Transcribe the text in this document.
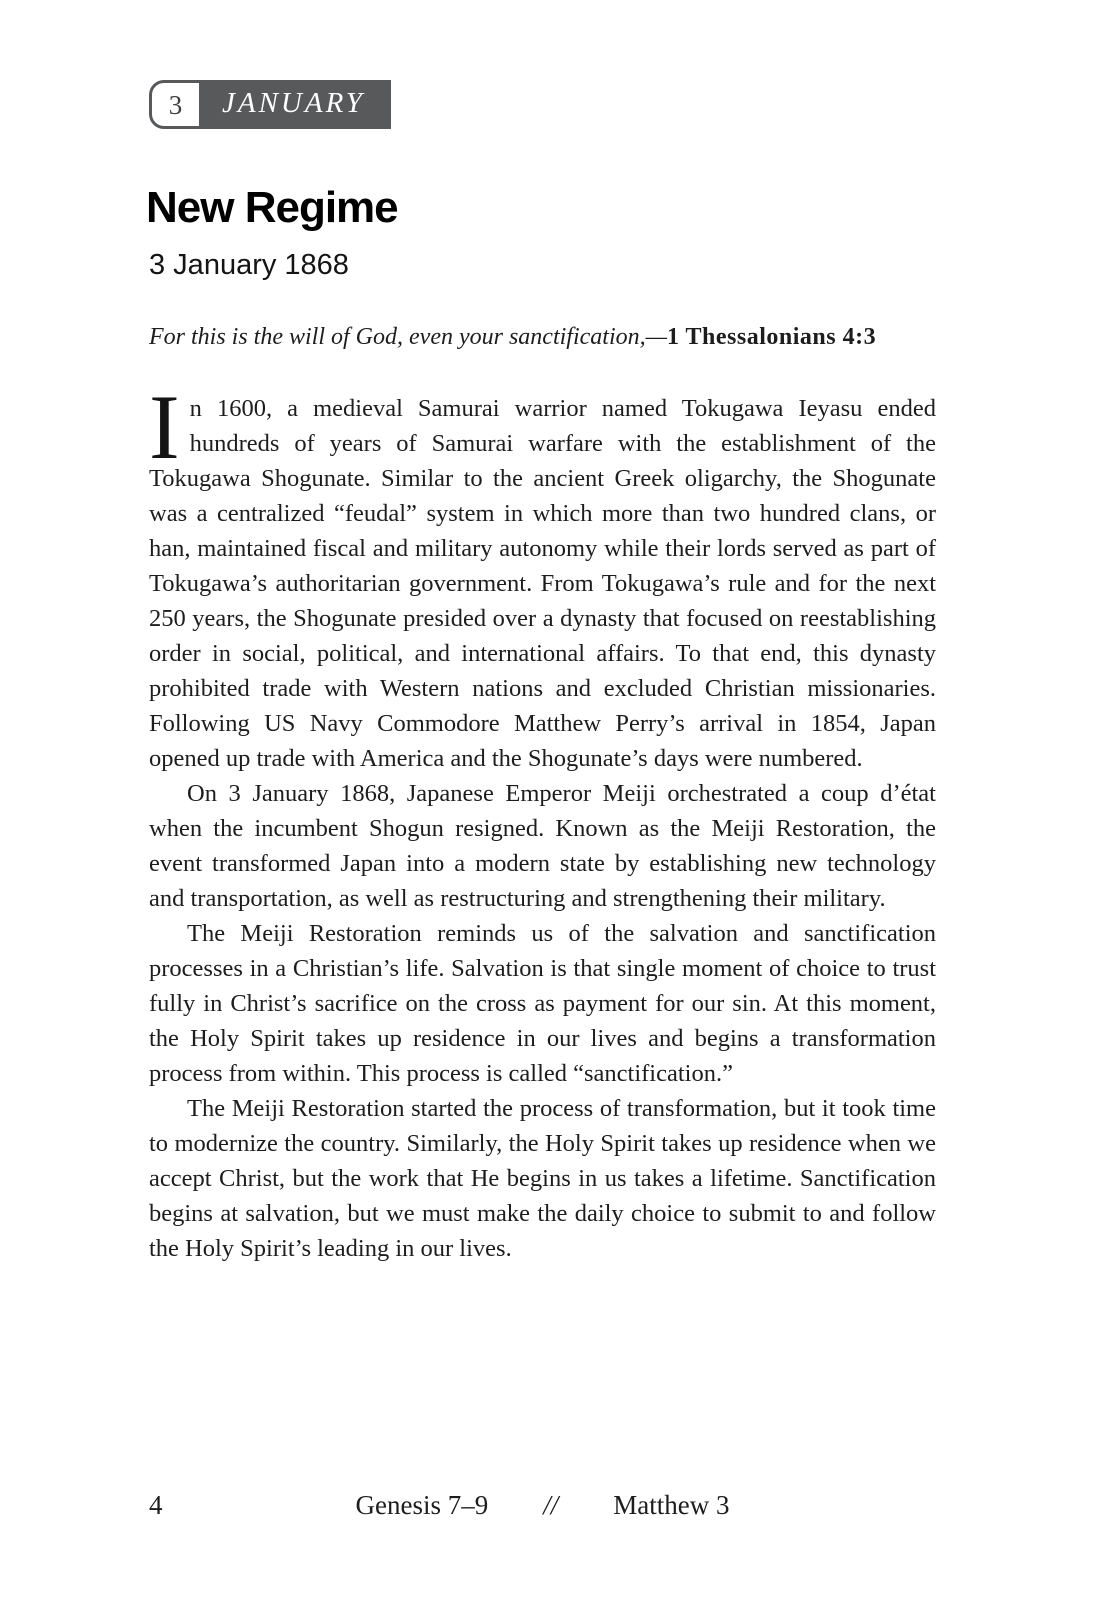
3 JANUARY
New Regime
3 January 1868
For this is the will of God, even your sanctification,—1 Thessalonians 4:3

In 1600, a medieval Samurai warrior named Tokugawa Ieyasu ended hundreds of years of Samurai warfare with the establishment of the Tokugawa Shogunate. Similar to the ancient Greek oligarchy, the Shogunate was a centralized “feudal” system in which more than two hundred clans, or han, maintained fiscal and military autonomy while their lords served as part of Tokugawa’s authoritarian government. From Tokugawa’s rule and for the next 250 years, the Shogunate presided over a dynasty that focused on reestablishing order in social, political, and international affairs. To that end, this dynasty prohibited trade with Western nations and excluded Christian missionaries. Following US Navy Commodore Matthew Perry’s arrival in 1854, Japan opened up trade with America and the Shogunate’s days were numbered.

On 3 January 1868, Japanese Emperor Meiji orchestrated a coup d’état when the incumbent Shogun resigned. Known as the Meiji Restoration, the event transformed Japan into a modern state by establishing new technology and transportation, as well as restructuring and strengthening their military.

The Meiji Restoration reminds us of the salvation and sanctification processes in a Christian’s life. Salvation is that single moment of choice to trust fully in Christ’s sacrifice on the cross as payment for our sin. At this moment, the Holy Spirit takes up residence in our lives and begins a transformation process from within. This process is called “sanctification.”

The Meiji Restoration started the process of transformation, but it took time to modernize the country. Similarly, the Holy Spirit takes up residence when we accept Christ, but the work that He begins in us takes a lifetime. Sanctification begins at salvation, but we must make the daily choice to submit to and follow the Holy Spirit’s leading in our lives.

4	Genesis 7–9 // Matthew 3
